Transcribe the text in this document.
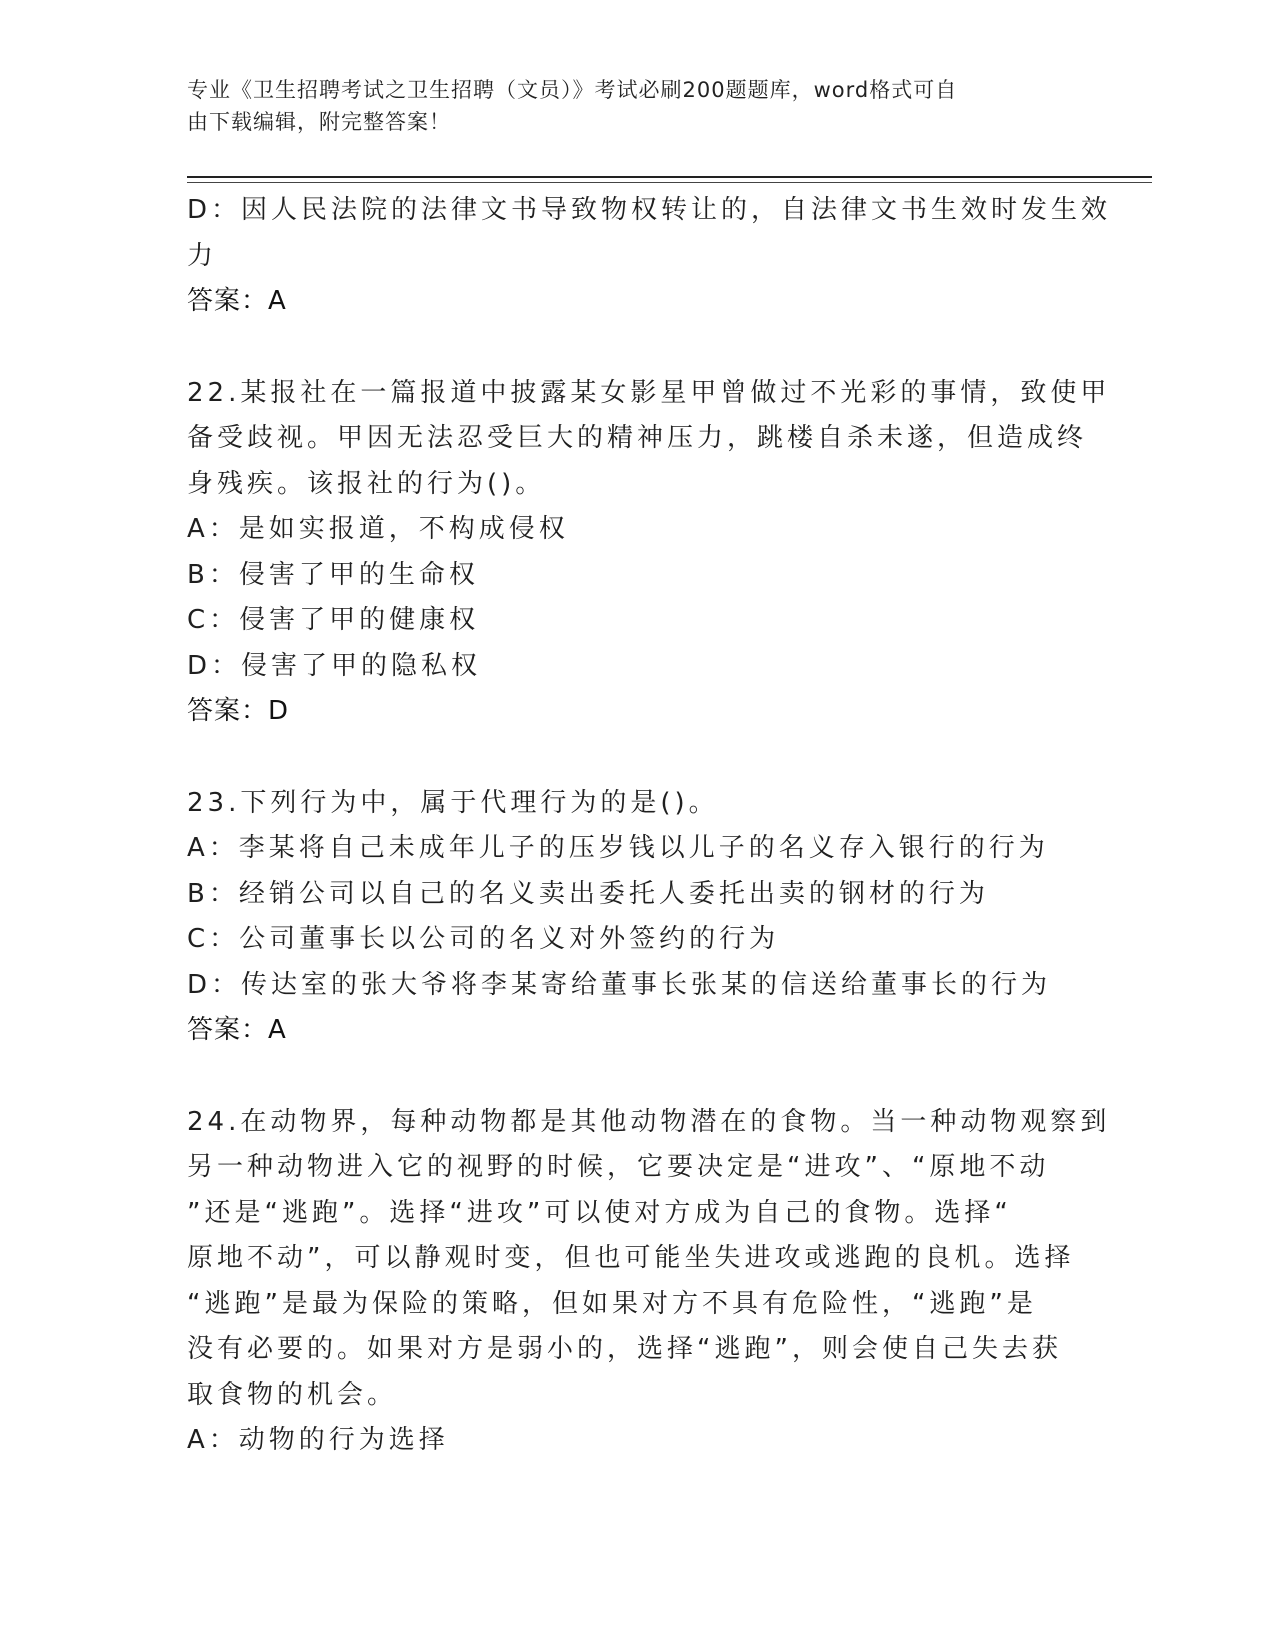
专业《卫生招聘考试之卫生招聘（文员）》考试必刷200题题库，word格式可自
由下载编辑，附完整答案！
D：因人民法院的法律文书导致物权转让的，自法律文书生效时发生效
力
答案：A
22.某报社在一篇报道中披露某女影星甲曾做过不光彩的事情，致使甲
备受歧视。甲因无法忍受巨大的精神压力，跳楼自杀未遂，但造成终
身残疾。该报社的行为()。
A：是如实报道，不构成侵权
B：侵害了甲的生命权
C：侵害了甲的健康权
D：侵害了甲的隐私权
答案：D
23.下列行为中，属于代理行为的是()。
A：李某将自己未成年儿子的压岁钱以儿子的名义存入银行的行为
B：经销公司以自己的名义卖出委托人委托出卖的钢材的行为
C：公司董事长以公司的名义对外签约的行为
D：传达室的张大爷将李某寄给董事长张某的信送给董事长的行为
答案：A
24.在动物界，每种动物都是其他动物潜在的食物。当一种动物观察到
另一种动物进入它的视野的时候，它要决定是“进攻”、“原地不动
”还是“逃跑”。选择“进攻”可以使对方成为自己的食物。选择“
原地不动”，可以静观时变，但也可能坐失进攻或逃跑的良机。选择
“逃跑”是最为保险的策略，但如果对方不具有危险性，“逃跑”是
没有必要的。如果对方是弱小的，选择“逃跑”，则会使自己失去获
取食物的机会。
A：动物的行为选择
